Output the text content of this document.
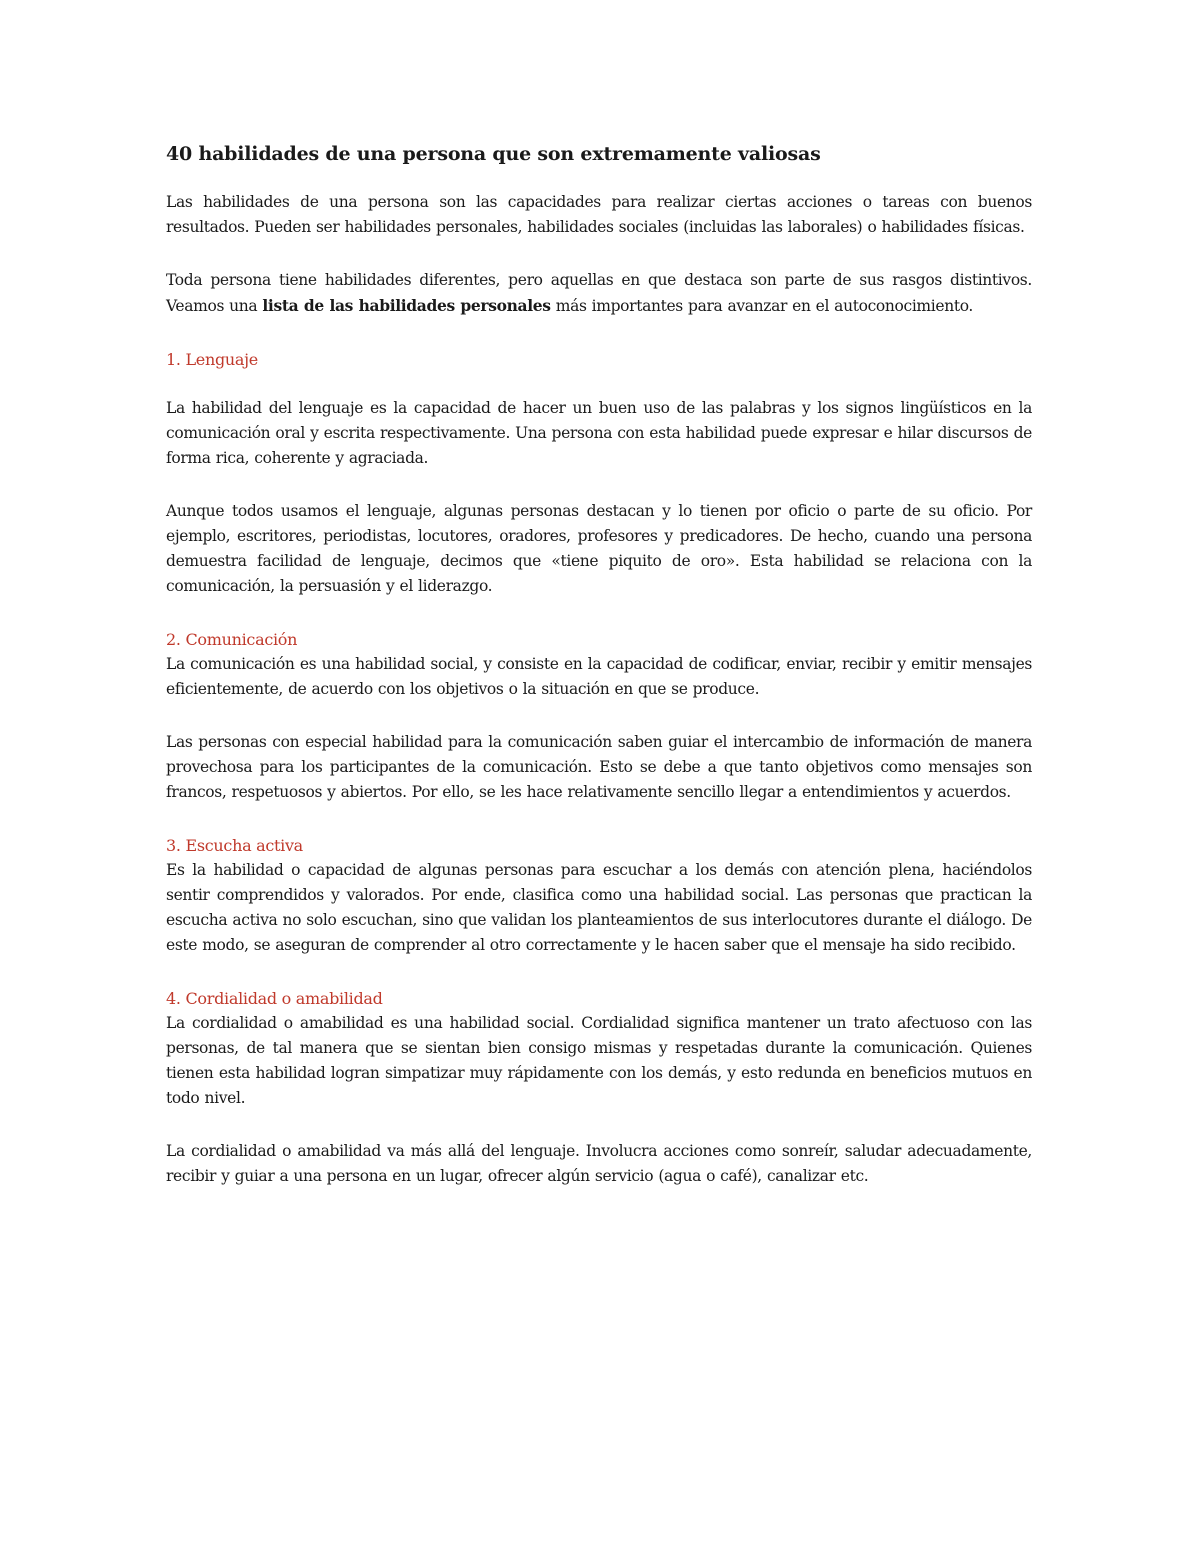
40 habilidades de una persona que son extremamente valiosas

Las habilidades de una persona son las capacidades para realizar ciertas acciones o tareas con buenos resultados. Pueden ser habilidades personales, habilidades sociales (incluidas las laborales) o habilidades físicas.

Toda persona tiene habilidades diferentes, pero aquellas en que destaca son parte de sus rasgos distintivos. Veamos una lista de las habilidades personales más importantes para avanzar en el autoconocimiento.

1. Lenguaje

La habilidad del lenguaje es la capacidad de hacer un buen uso de las palabras y los signos lingüísticos en la comunicación oral y escrita respectivamente. Una persona con esta habilidad puede expresar e hilar discursos de forma rica, coherente y agraciada.

Aunque todos usamos el lenguaje, algunas personas destacan y lo tienen por oficio o parte de su oficio. Por ejemplo, escritores, periodistas, locutores, oradores, profesores y predicadores. De hecho, cuando una persona demuestra facilidad de lenguaje, decimos que «tiene piquito de oro». Esta habilidad se relaciona con la comunicación, la persuasión y el liderazgo.

2. Comunicación

La comunicación es una habilidad social, y consiste en la capacidad de codificar, enviar, recibir y emitir mensajes eficientemente, de acuerdo con los objetivos o la situación en que se produce.

Las personas con especial habilidad para la comunicación saben guiar el intercambio de información de manera provechosa para los participantes de la comunicación. Esto se debe a que tanto objetivos como mensajes son francos, respetuosos y abiertos. Por ello, se les hace relativamente sencillo llegar a entendimientos y acuerdos.

3. Escucha activa

Es la habilidad o capacidad de algunas personas para escuchar a los demás con atención plena, haciéndolos sentir comprendidos y valorados. Por ende, clasifica como una habilidad social. Las personas que practican la escucha activa no solo escuchan, sino que validan los planteamientos de sus interlocutores durante el diálogo. De este modo, se aseguran de comprender al otro correctamente y le hacen saber que el mensaje ha sido recibido.

4. Cordialidad o amabilidad

La cordialidad o amabilidad es una habilidad social. Cordialidad significa mantener un trato afectuoso con las personas, de tal manera que se sientan bien consigo mismas y respetadas durante la comunicación. Quienes tienen esta habilidad logran simpatizar muy rápidamente con los demás, y esto redunda en beneficios mutuos en todo nivel.

La cordialidad o amabilidad va más allá del lenguaje. Involucra acciones como sonreír, saludar adecuadamente, recibir y guiar a una persona en un lugar, ofrecer algún servicio (agua o café), canalizar etc.
